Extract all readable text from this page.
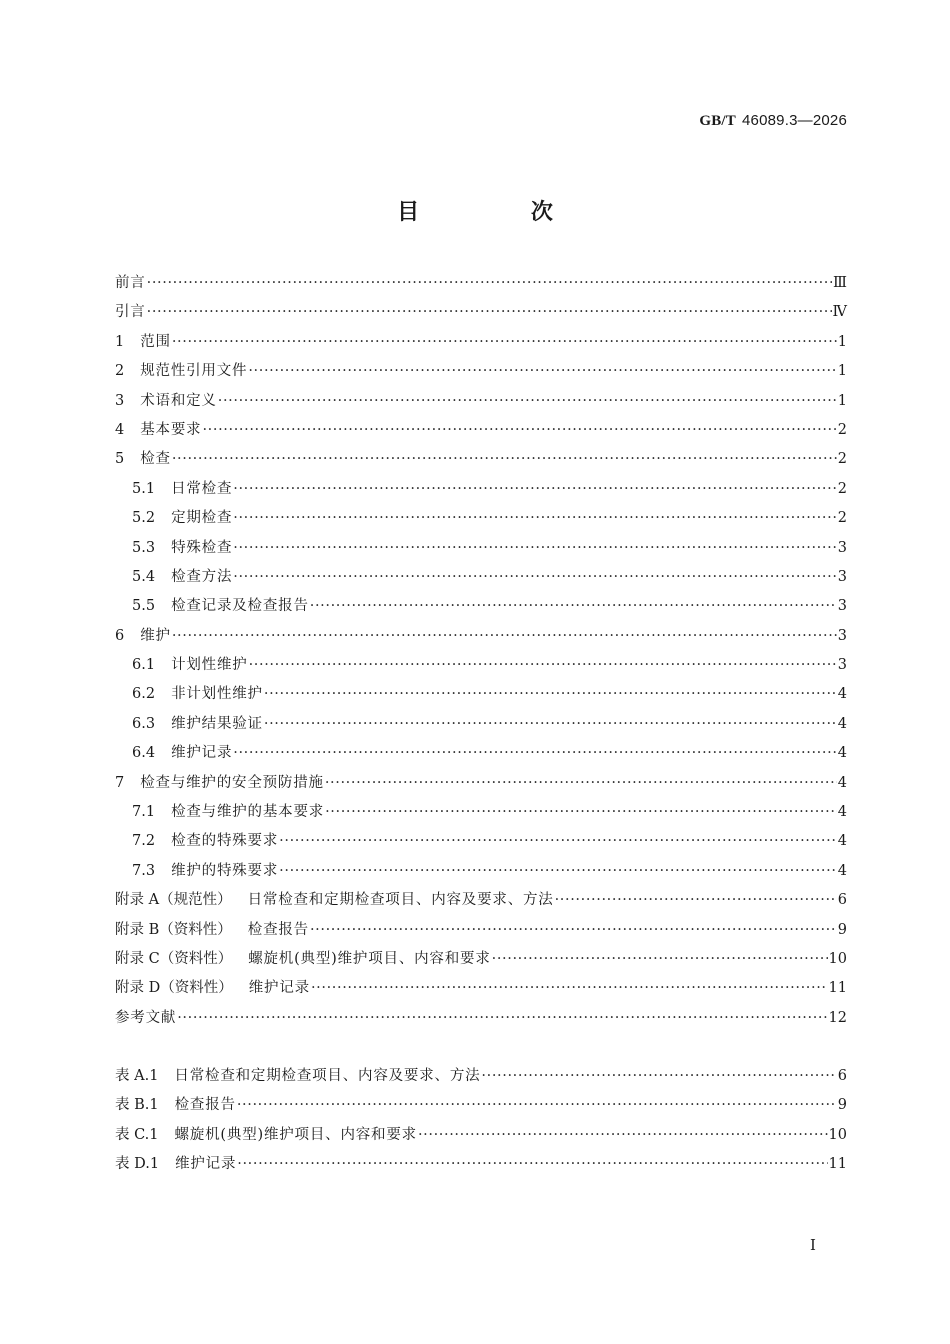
GB/T 46089.3—2026
目 次
前言 ·····	Ⅲ
引言 ·····	Ⅳ
1 范围 ·····	1
2 规范性引用文件 ·····	1
3 术语和定义 ·····	1
4 基本要求 ·····	2
5 检查 ·····	2
5.1 日常检查 ·····	2
5.2 定期检查 ·····	2
5.3 特殊检查 ·····	3
5.4 检查方法 ·····	3
5.5 检查记录及检查报告 ·····	3
6 维护 ·····	3
6.1 计划性维护 ·····	3
6.2 非计划性维护 ·····	4
6.3 维护结果验证 ·····	4
6.4 维护记录 ·····	4
7 检查与维护的安全预防措施 ·····	4
7.1 检查与维护的基本要求 ·····	4
7.2 检查的特殊要求 ·····	4
7.3 维护的特殊要求 ·····	4
附录 A（规范性） 日常检查和定期检查项目、内容及要求、方法 ·····	6
附录 B（资料性） 检查报告 ·····	9
附录 C（资料性） 螺旋机(典型)维护项目、内容和要求 ·····	10
附录 D（资料性） 维护记录 ·····	11
参考文献 ·····	12
表 A.1 日常检查和定期检查项目、内容及要求、方法 ·····	6
表 B.1 检查报告 ·····	9
表 C.1 螺旋机(典型)维护项目、内容和要求 ·····	10
表 D.1 维护记录 ·····	11
Ⅰ
